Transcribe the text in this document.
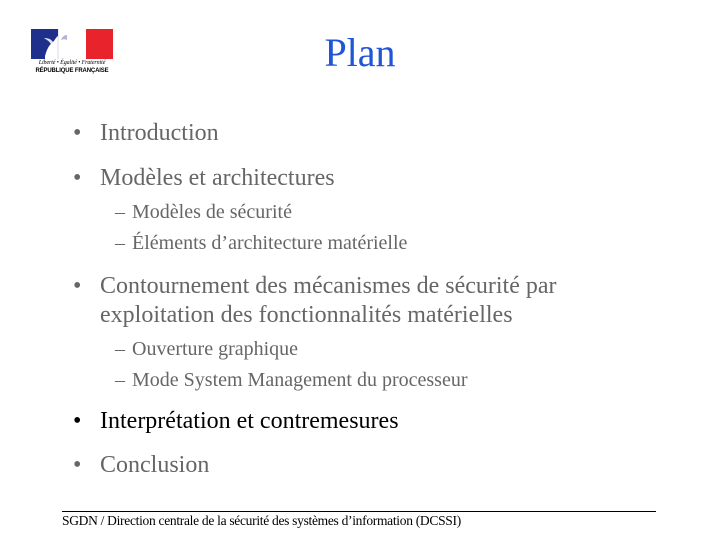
Liberté • Égalité • Fraternité
RÉPUBLIQUE FRANÇAISE	Plan
• Introduction
• Modèles et architectures
– Modèles de sécurité
– Éléments d’architecture matérielle
• Contournement des mécanismes de sécurité par
exploitation des fonctionnalités matérielles
– Ouverture graphique
– Mode System Management du processeur
• Interprétation et contremesures
• Conclusion
SGDN / Direction centrale de la sécurité des systèmes d’information (DCSSI)
